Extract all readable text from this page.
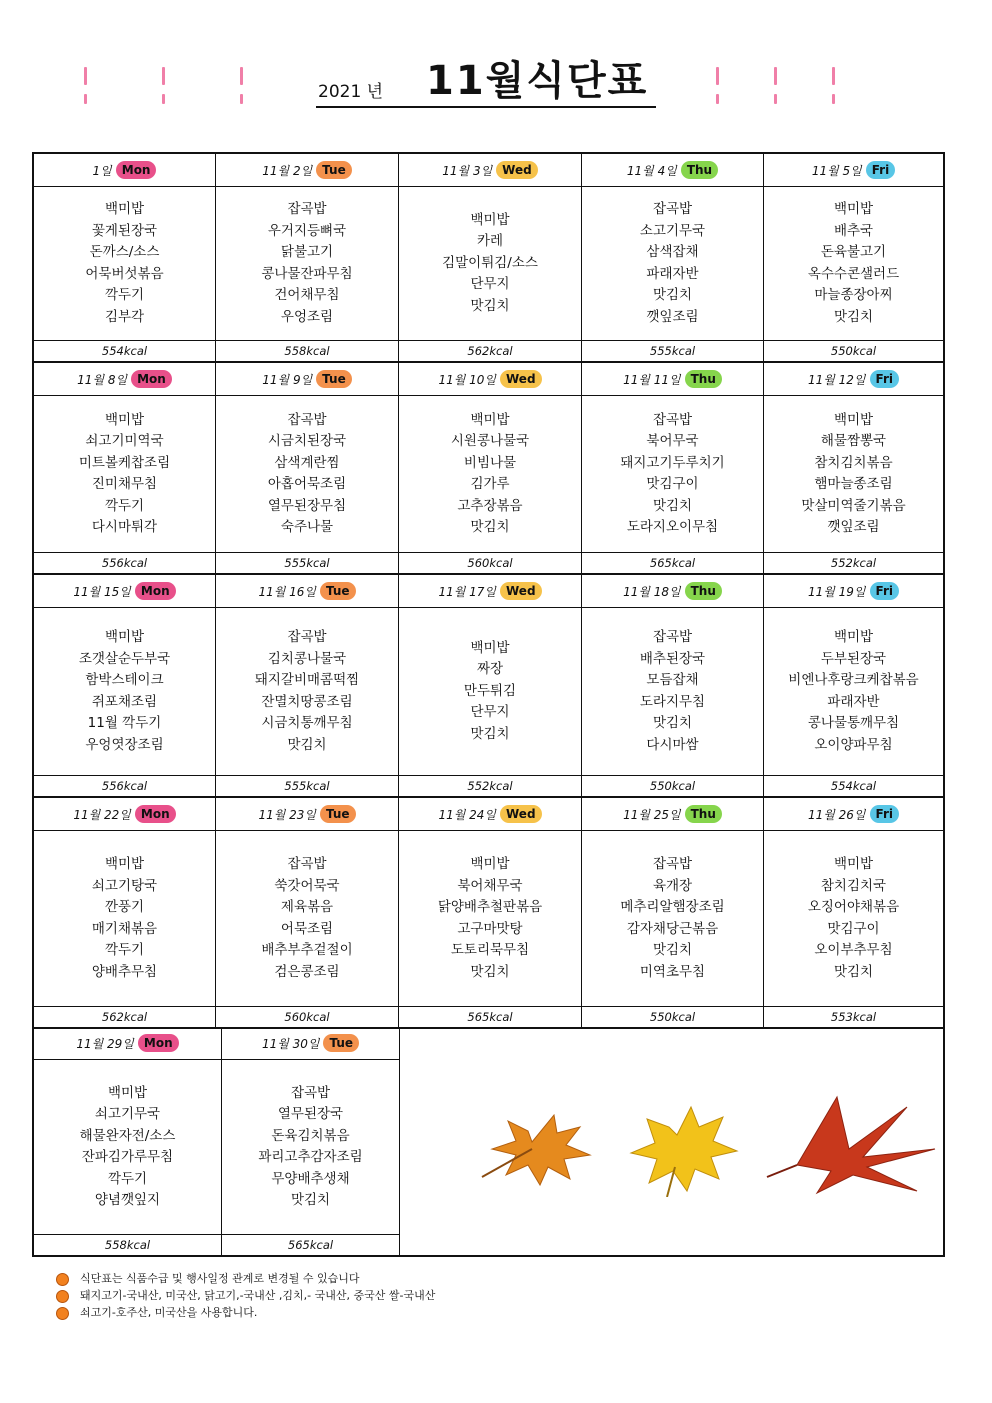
2021 년 11월식단표
1일 Mon
백미밥
꽃게된장국
돈까스/소스
어묵버섯볶음
깍두기
김부각
554kcal
11월 2일 Tue
잡곡밥
우거지등뼈국
닭불고기
콩나물잔파무침
건어채무침
우엉조림
558kcal
11월 3일 Wed
백미밥
카레
김말이튀김/소스
단무지
맛김치
562kcal
11월 4일 Thu
잡곡밥
소고기무국
삼색잡채
파래자반
맛김치
깻잎조림
555kcal
11월 5일 Fri
백미밥
배추국
돈육불고기
옥수수콘샐러드
마늘종장아찌
맛김치
550kcal
11월 8일 Mon
백미밥
쇠고기미역국
미트볼케찹조림
진미채무침
깍두기
다시마튀각
556kcal
11월 9일 Tue
잡곡밥
시금치된장국
삼색계란찜
아홉어묵조림
열무된장무침
숙주나물
555kcal
11월 10일 Wed
백미밥
시원콩나물국
비빔나물
김가루
고추장볶음
맛김치
560kcal
11월 11일 Thu
잡곡밥
북어무국
돼지고기두루치기
맛김구이
맛김치
도라지오이무침
565kcal
11월 12일 Fri
백미밥
해물짬뽕국
참치김치볶음
햄마늘종조림
맛살미역줄기볶음
깻잎조림
552kcal
11월 15일 Mon
백미밥
조갯살순두부국
함박스테이크
쥐포채조림
11월 깍두기
우엉엿장조림
556kcal
11월 16일 Tue
잡곡밥
김치콩나물국
돼지갈비매콤떡찜
잔멸치땅콩조림
시금치통깨무침
맛김치
555kcal
11월 17일 Wed
백미밥
짜장
만두튀김
단무지
맛김치
552kcal
11월 18일 Thu
잡곡밥
배추된장국
모듬잡채
도라지무침
맛김치
다시마쌈
550kcal
11월 19일 Fri
백미밥
두부된장국
비엔나후랑크케찹볶음
파래자반
콩나물통깨무침
오이양파무침
554kcal
11월 22일 Mon
백미밥
쇠고기탕국
깐풍기
매기채볶음
깍두기
양배추무침
562kcal
11월 23일 Tue
잡곡밥
쑥갓어묵국
제육볶음
어묵조림
배추부추겉절이
검은콩조림
560kcal
11월 24일 Wed
백미밥
북어채무국
닭양배추철판볶음
고구마맛탕
도토리묵무침
맛김치
565kcal
11월 25일 Thu
잡곡밥
육개장
메추리알햄장조림
감자채당근볶음
맛김치
미역초무침
550kcal
11월 26일 Fri
백미밥
참치김치국
오징어야채볶음
맛김구이
오이부추무침
맛김치
553kcal
11월 29일 Mon
백미밥
쇠고기무국
해물완자전/소스
잔파김가루무침
깍두기
양념깻잎지
558kcal
11월 30일 Tue
잡곡밥
열무된장국
돈육김치볶음
꽈리고추감자조림
무양배추생채
맛김치
565kcal
식단표는 식품수급 및 행사일정 관계로 변경될 수 있습니다
돼지고기-국내산, 미국산, 닭고기,-국내산 ,김치,- 국내산, 중국산 쌀-국내산
쇠고기-호주산, 미국산을 사용합니다.
